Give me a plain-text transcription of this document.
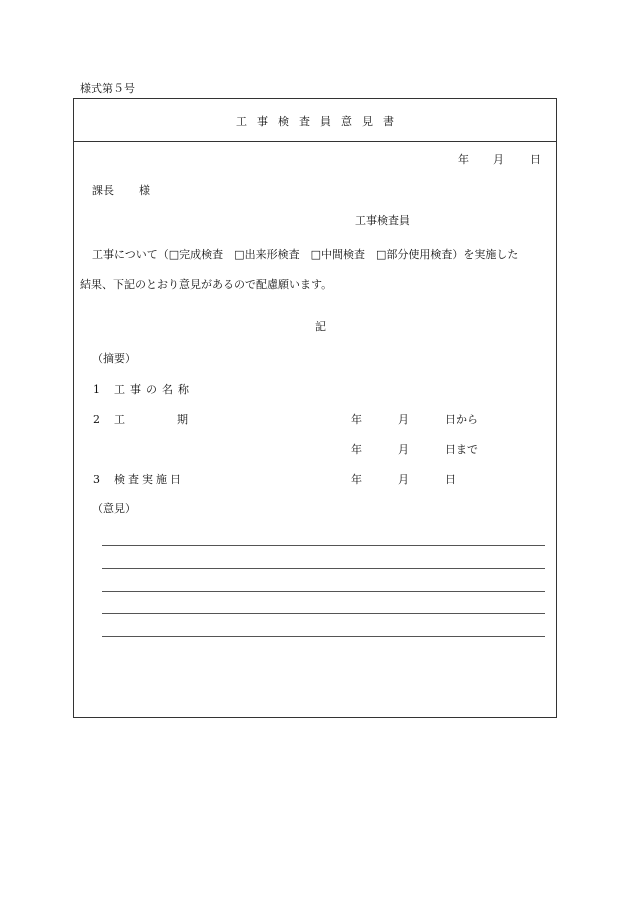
様式第５号
工事検査員意見書
年 月 日
課長 様
工事検査員
工事について（□完成検査　□出来形検査　□中間検査　□部分使用検査）を実施した
結果、下記のとおり意見があるので配慮願います。
記
（摘要）
1 工事の名称
2 工	期	年	月	日から
年	月	日まで
3 検査実施日	年	月	日
（意見）
